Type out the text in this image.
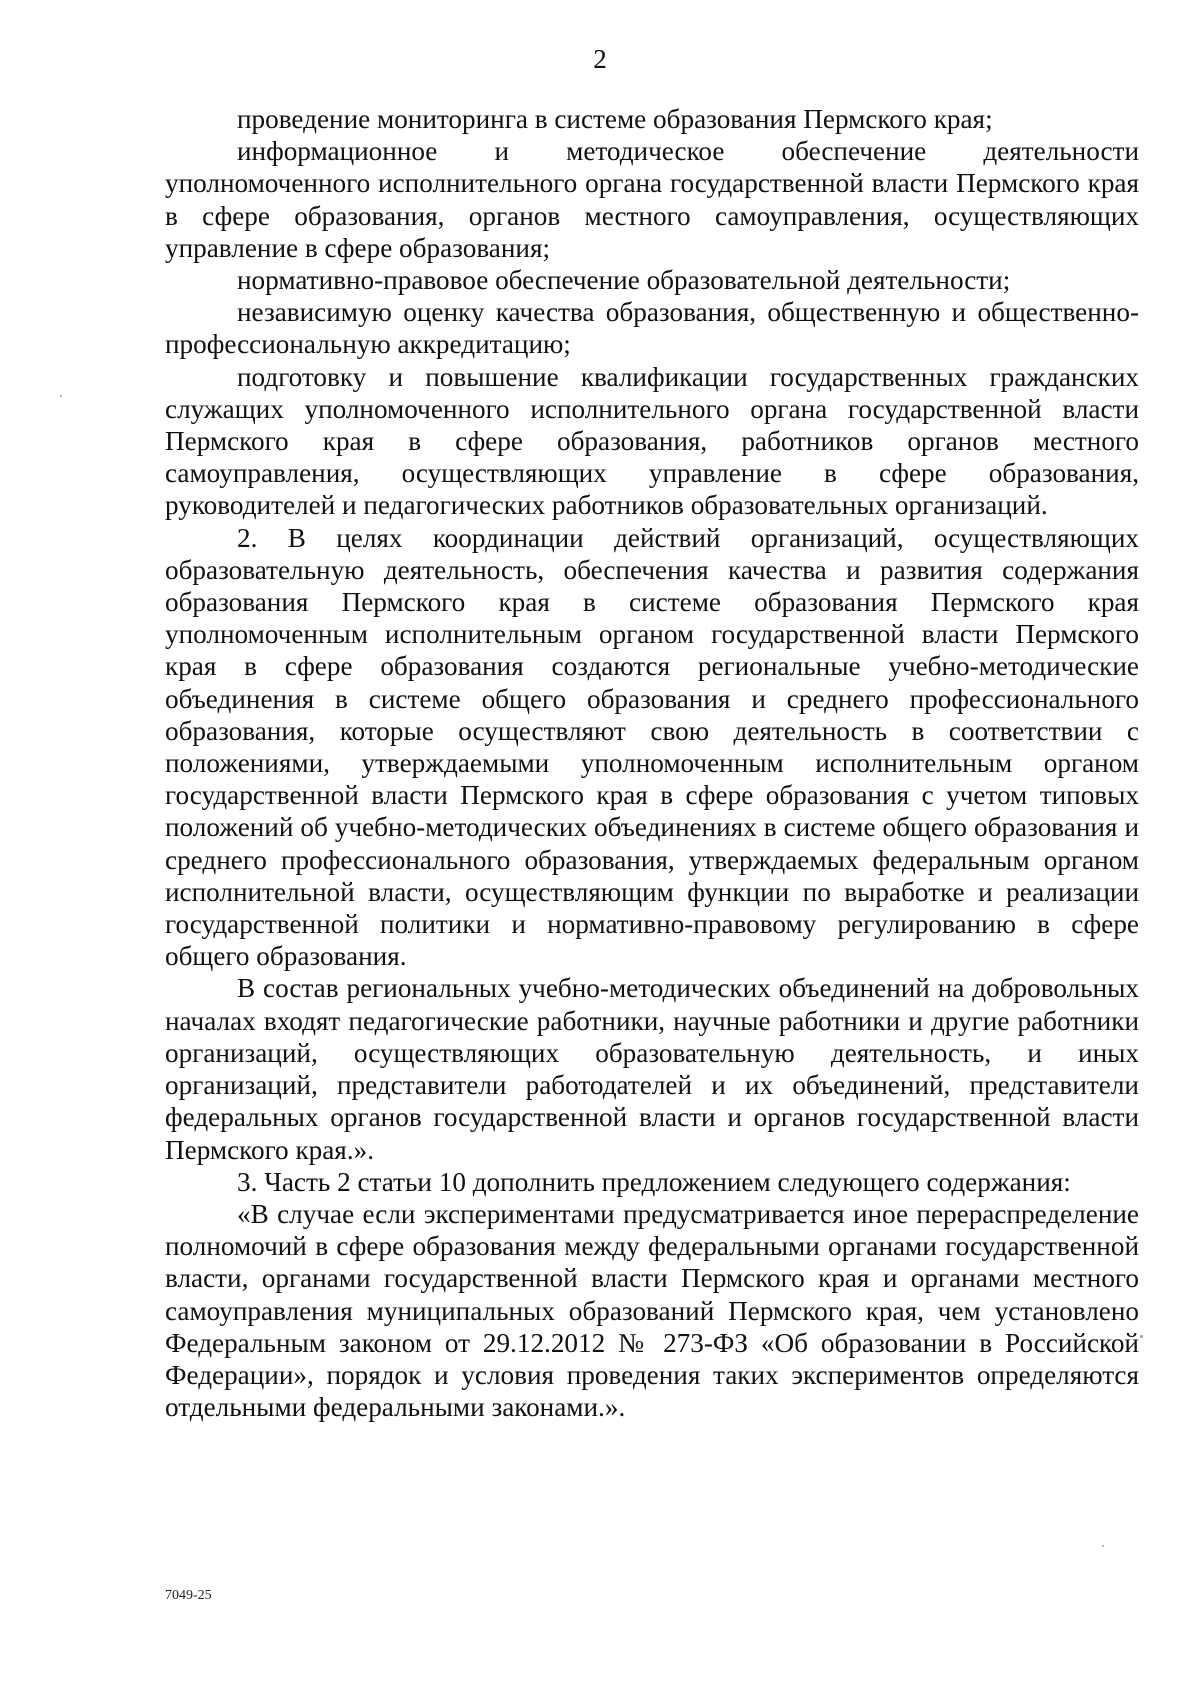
2

проведение мониторинга в системе образования Пермского края;

информационное и методическое обеспечение деятельности уполномоченного исполнительного органа государственной власти Пермского края в сфере образования, органов местного самоуправления, осуществляющих управление в сфере образования;

нормативно-правовое обеспечение образовательной деятельности;

независимую оценку качества образования, общественную и общественно-профессиональную аккредитацию;

подготовку и повышение квалификации государственных гражданских служащих уполномоченного исполнительного органа государственной власти Пермского края в сфере образования, работников органов местного самоуправления, осуществляющих управление в сфере образования, руководителей и педагогических работников образовательных организаций.

2. В целях координации действий организаций, осуществляющих образовательную деятельность, обеспечения качества и развития содержания образования Пермского края в системе образования Пермского края уполномоченным исполнительным органом государственной власти Пермского края в сфере образования создаются региональные учебно-методические объединения в системе общего образования и среднего профессионального образования, которые осуществляют свою деятельность в соответствии с положениями, утверждаемыми уполномоченным исполнительным органом государственной власти Пермского края в сфере образования с учетом типовых положений об учебно-методических объединениях в системе общего образования и среднего профессионального образования, утверждаемых федеральным органом исполнительной власти, осуществляющим функции по выработке и реализации государственной политики и нормативно-правовому регулированию в сфере общего образования.

В состав региональных учебно-методических объединений на добровольных началах входят педагогические работники, научные работники и другие работники организаций, осуществляющих образовательную деятельность, и иных организаций, представители работодателей и их объединений, представители федеральных органов государственной власти и органов государственной власти Пермского края.».

3. Часть 2 статьи 10 дополнить предложением следующего содержания:

«В случае если экспериментами предусматривается иное перераспределение полномочий в сфере образования между федеральными органами государственной власти, органами государственной власти Пермского края и органами местного самоуправления муниципальных образований Пермского края, чем установлено Федеральным законом от 29.12.2012 № 273-ФЗ «Об образовании в Российской Федерации», порядок и условия проведения таких экспериментов определяются отдельными федеральными законами.».

7049-25
